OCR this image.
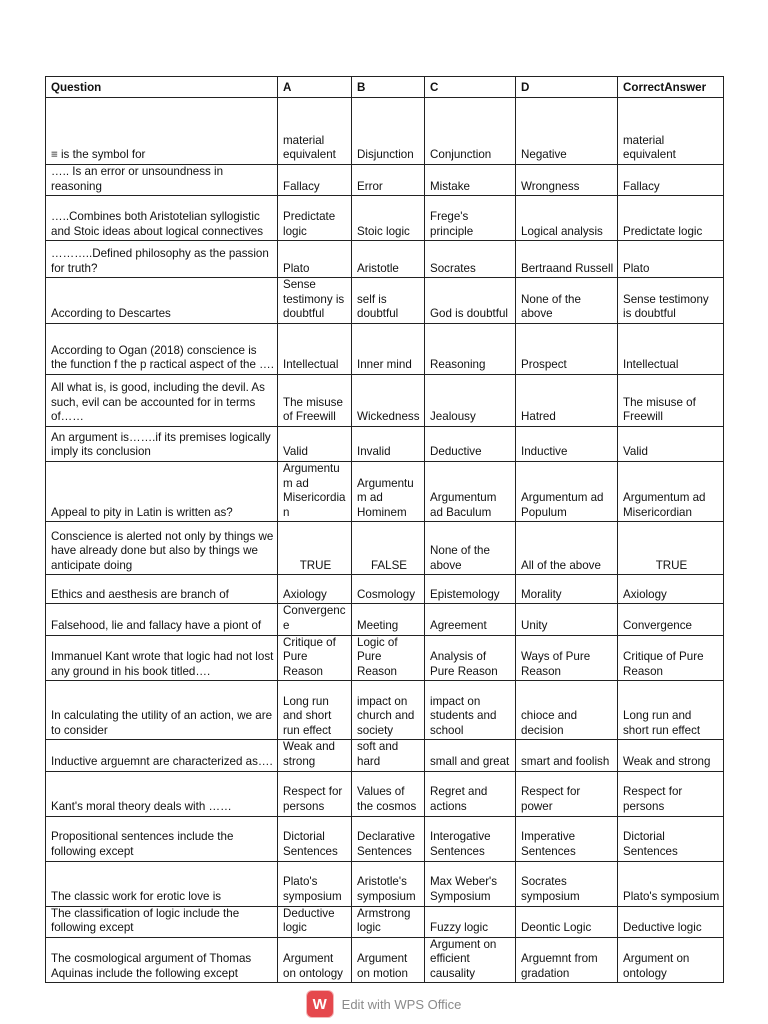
Question	A	B	C	D	CorrectAnswer
≡ is the symbol for	material equivalent	Disjunction	Conjunction	Negative	material equivalent
….. Is an error or unsoundness in reasoning	Fallacy	Error	Mistake	Wrongness	Fallacy
…..Combines both Aristotelian syllogistic and Stoic ideas about logical connectives	Predictate logic	Stoic logic	Frege's principle	Logical analysis	Predictate logic
………..Defined philosophy as the passion for truth?	Plato	Aristotle	Socrates	Bertraand Russell	Plato
According to Descartes	Sense testimony is doubtful	self is doubtful	God is doubtful	None of the above	Sense testimony is doubtful
According to Ogan (2018) conscience is the function f the p ractical aspect of the ….	Intellectual	Inner mind	Reasoning	Prospect	Intellectual
All what is, is good, including the devil. As such, evil can be accounted for in terms of……	The misuse of Freewill	Wickedness	Jealousy	Hatred	The misuse of Freewill
An argument is…….if its premises logically imply its conclusion	Valid	Invalid	Deductive	Inductive	Valid
Appeal to pity in Latin is written as?	Argumentum ad Misericordian	Argumentum ad Hominem	Argumentum ad Baculum	Argumentum ad Populum	Argumentum ad Misericordian
Conscience is alerted not only by things we have already done but also by things we anticipate doing	TRUE	FALSE	None of the above	All of the above	TRUE
Ethics and aesthesis are branch of	Axiology	Cosmology	Epistemology	Morality	Axiology
Falsehood, lie and fallacy have a piont of	Convergence	Meeting	Agreement	Unity	Convergence
Immanuel Kant wrote that logic had not lost any ground in his book titled….	Critique of Pure Reason	Logic of Pure Reason	Analysis of Pure Reason	Ways of Pure Reason	Critique of Pure Reason
In calculating the utility of an action, we are to consider	Long run and short run effect	impact on church and society	impact on students and school	chioce and decision	Long run and short run effect
Inductive arguemnt are characterized as….	Weak and strong	soft and hard	small and great	smart and foolish	Weak and strong
Kant's moral theory deals with ……	Respect for persons	Values of the cosmos	Regret and actions	Respect for power	Respect for persons
Propositional sentences include the following except	Dictorial Sentences	Declarative Sentences	Interogative Sentences	Imperative Sentences	Dictorial Sentences
The classic work for erotic love is	Plato's symposium	Aristotle's symposium	Max Weber's Symposium	Socrates symposium	Plato's symposium
The classification of logic include the following except	Deductive logic	Armstrong logic	Fuzzy logic	Deontic Logic	Deductive logic
The cosmological argument of Thomas Aquinas include the following except	Argument on ontology	Argument on motion	Argument on efficient causality	Arguemnt from gradation	Argument on ontology
W	Edit with WPS Office
